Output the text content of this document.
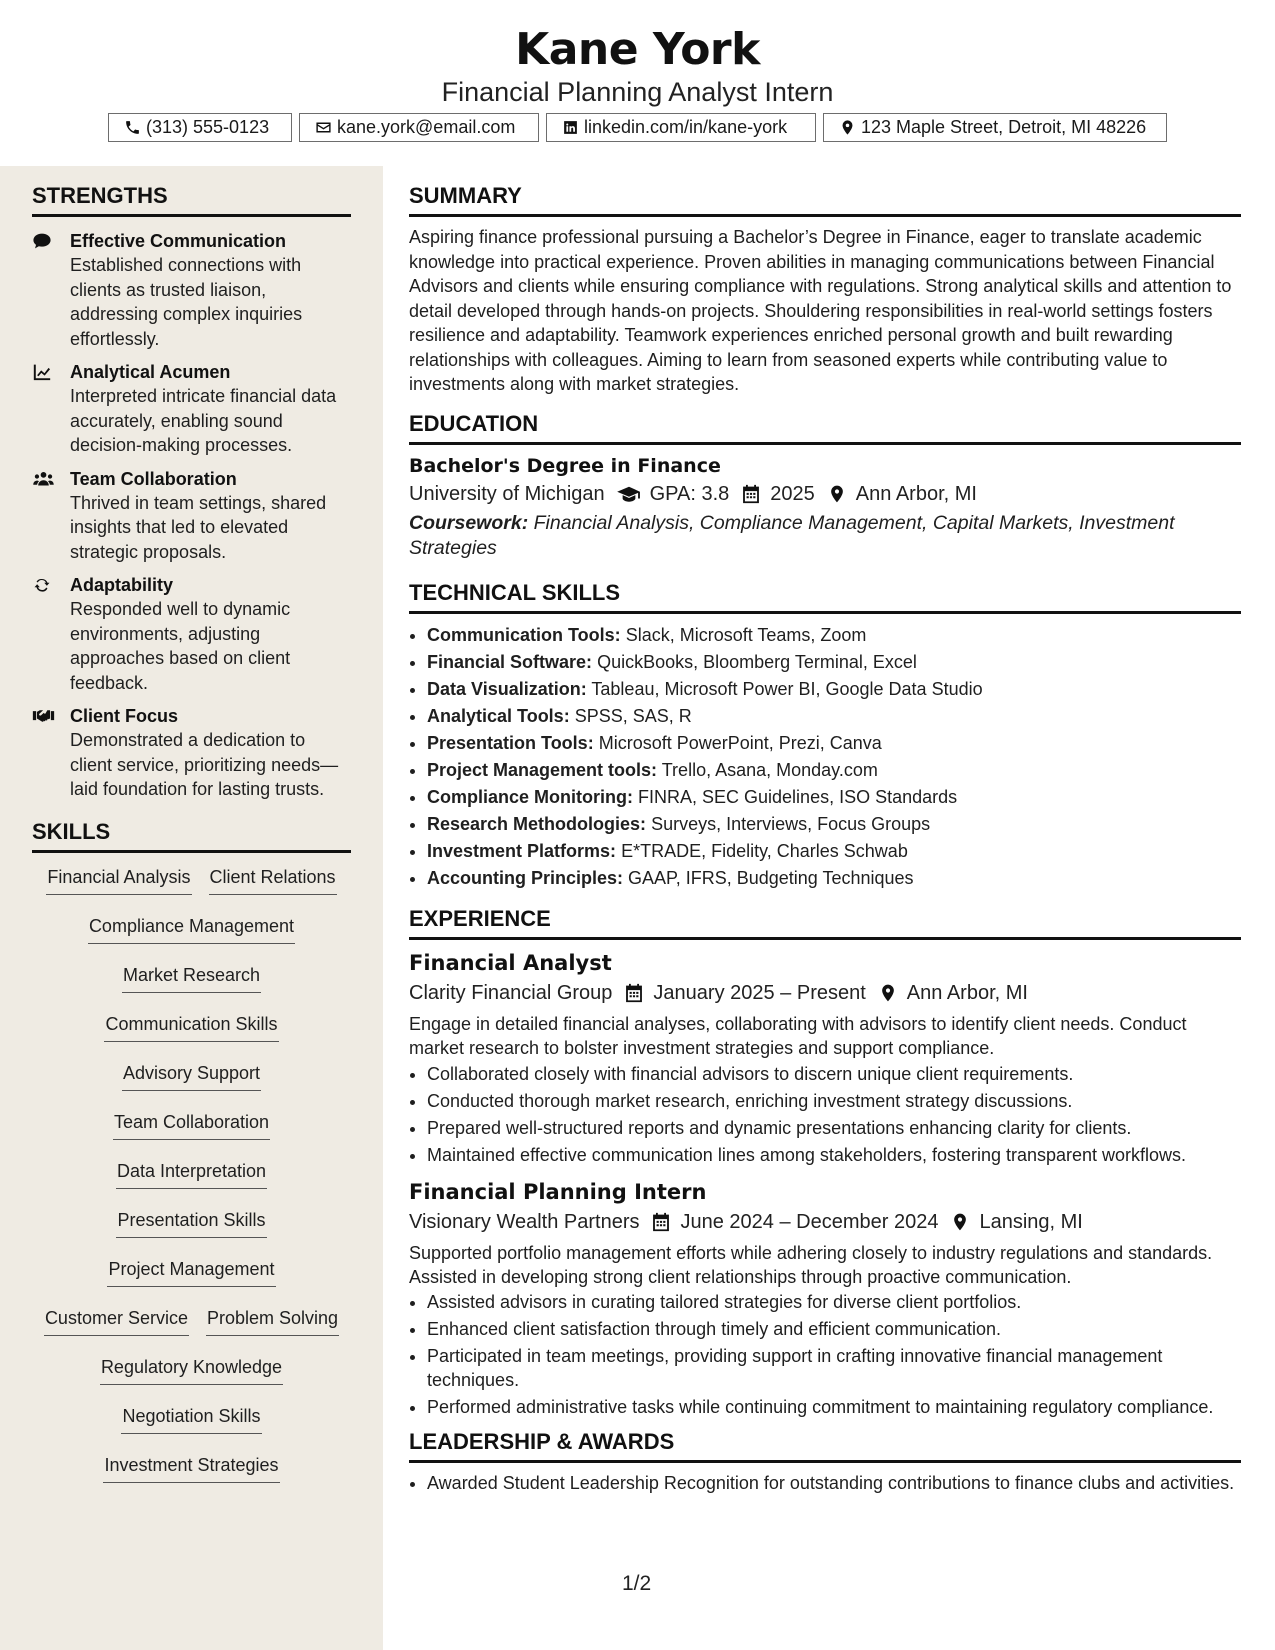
Kane York
Financial Planning Analyst Intern
(313) 555-0123	kane.york@email.com	linkedin.com/in/kane-york	123 Maple Street, Detroit, MI 48226
STRENGTHS
Effective Communication
Established connections with clients as trusted liaison, addressing complex inquiries effortlessly.
Analytical Acumen
Interpreted intricate financial data accurately, enabling sound decision-making processes.
Team Collaboration
Thrived in team settings, shared insights that led to elevated strategic proposals.
Adaptability
Responded well to dynamic environments, adjusting approaches based on client feedback.
Client Focus
Demonstrated a dedication to client service, prioritizing needs—laid foundation for lasting trusts.
SKILLS
Financial Analysis Client Relations
Compliance Management
Market Research
Communication Skills
Advisory Support
Team Collaboration
Data Interpretation
Presentation Skills
Project Management
Customer Service Problem Solving
Regulatory Knowledge
Negotiation Skills
Investment Strategies
SUMMARY
Aspiring finance professional pursuing a Bachelor’s Degree in Finance, eager to translate academic knowledge into practical experience. Proven abilities in managing communications between Financial Advisors and clients while ensuring compliance with regulations. Strong analytical skills and attention to detail developed through hands-on projects. Shouldering responsibilities in real-world settings fosters resilience and adaptability. Teamwork experiences enriched personal growth and built rewarding relationships with colleagues. Aiming to learn from seasoned experts while contributing value to investments along with market strategies.
EDUCATION
Bachelor's Degree in Finance
University of Michigan GPA: 3.8 2025 Ann Arbor, MI
Coursework: Financial Analysis, Compliance Management, Capital Markets, Investment Strategies
TECHNICAL SKILLS
• Communication Tools: Slack, Microsoft Teams, Zoom
• Financial Software: QuickBooks, Bloomberg Terminal, Excel
• Data Visualization: Tableau, Microsoft Power BI, Google Data Studio
• Analytical Tools: SPSS, SAS, R
• Presentation Tools: Microsoft PowerPoint, Prezi, Canva
• Project Management tools: Trello, Asana, Monday.com
• Compliance Monitoring: FINRA, SEC Guidelines, ISO Standards
• Research Methodologies: Surveys, Interviews, Focus Groups
• Investment Platforms: E*TRADE, Fidelity, Charles Schwab
• Accounting Principles: GAAP, IFRS, Budgeting Techniques
EXPERIENCE
Financial Analyst
Clarity Financial Group January 2025 – Present Ann Arbor, MI
Engage in detailed financial analyses, collaborating with advisors to identify client needs. Conduct market research to bolster investment strategies and support compliance.
• Collaborated closely with financial advisors to discern unique client requirements.
• Conducted thorough market research, enriching investment strategy discussions.
• Prepared well-structured reports and dynamic presentations enhancing clarity for clients.
• Maintained effective communication lines among stakeholders, fostering transparent workflows.
Financial Planning Intern
Visionary Wealth Partners June 2024 – December 2024 Lansing, MI
Supported portfolio management efforts while adhering closely to industry regulations and standards. Assisted in developing strong client relationships through proactive communication.
• Assisted advisors in curating tailored strategies for diverse client portfolios.
• Enhanced client satisfaction through timely and efficient communication.
• Participated in team meetings, providing support in crafting innovative financial management techniques.
• Performed administrative tasks while continuing commitment to maintaining regulatory compliance.
LEADERSHIP & AWARDS
• Awarded Student Leadership Recognition for outstanding contributions to finance clubs and activities.
1/2
